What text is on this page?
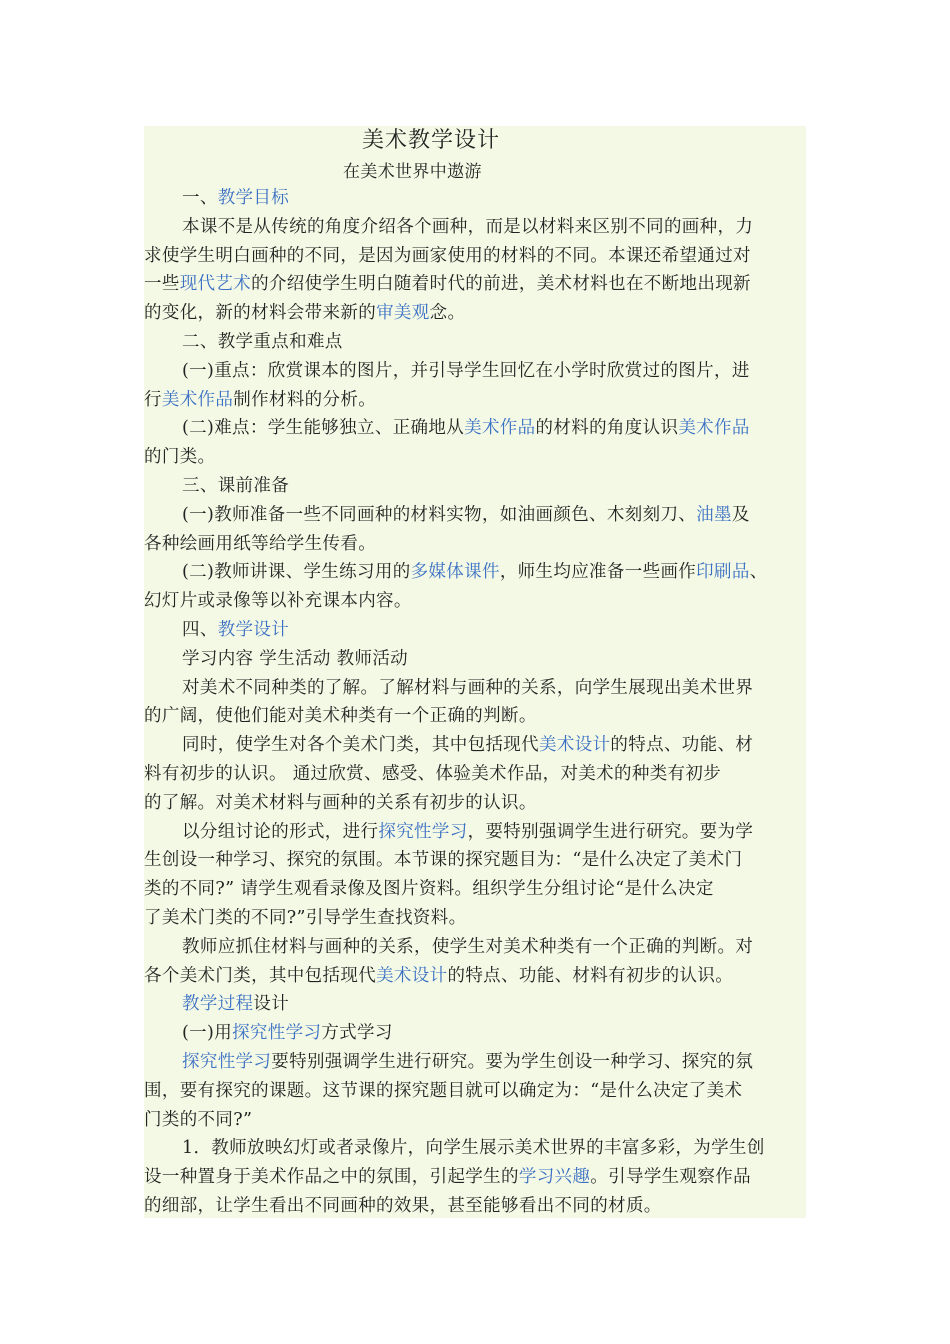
美术教学设计
在美术世界中遨游
一、教学目标
本课不是从传统的角度介绍各个画种，而是以材料来区别不同的画种，力
求使学生明白画种的不同，是因为画家使用的材料的不同。本课还希望通过对
一些现代艺术的介绍使学生明白随着时代的前进，美术材料也在不断地出现新
的变化，新的材料会带来新的审美观念。
二、教学重点和难点
(一)重点：欣赏课本的图片，并引导学生回忆在小学时欣赏过的图片，进
行美术作品制作材料的分析。
(二)难点：学生能够独立、正确地从美术作品的材料的角度认识美术作品
的门类。
三、课前准备
(一)教师准备一些不同画种的材料实物，如油画颜色、木刻刻刀、油墨及
各种绘画用纸等给学生传看。
(二)教师讲课、学生练习用的多媒体课件，师生均应准备一些画作印刷品、
幻灯片或录像等以补充课本内容。
四、教学设计
学习内容 学生活动 教师活动
对美术不同种类的了解。了解材料与画种的关系，向学生展现出美术世界
的广阔，使他们能对美术种类有一个正确的判断。
同时，使学生对各个美术门类，其中包括现代美术设计的特点、功能、材
料有初步的认识。 通过欣赏、感受、体验美术作品，对美术的种类有初步
的了解。对美术材料与画种的关系有初步的认识。
以分组讨论的形式，进行探究性学习，要特别强调学生进行研究。要为学
生创设一种学习、探究的氛围。本节课的探究题目为：“是什么决定了美术门
类的不同?” 请学生观看录像及图片资料。组织学生分组讨论“是什么决定
了美术门类的不同?”引导学生查找资料。
教师应抓住材料与画种的关系，使学生对美术种类有一个正确的判断。对
各个美术门类，其中包括现代美术设计的特点、功能、材料有初步的认识。
教学过程设计
(一)用探究性学习方式学习
探究性学习要特别强调学生进行研究。要为学生创设一种学习、探究的氛
围，要有探究的课题。这节课的探究题目就可以确定为：“是什么决定了美术
门类的不同?”
1．教师放映幻灯或者录像片，向学生展示美术世界的丰富多彩，为学生创
设一种置身于美术作品之中的氛围，引起学生的学习兴趣。引导学生观察作品
的细部，让学生看出不同画种的效果，甚至能够看出不同的材质。
